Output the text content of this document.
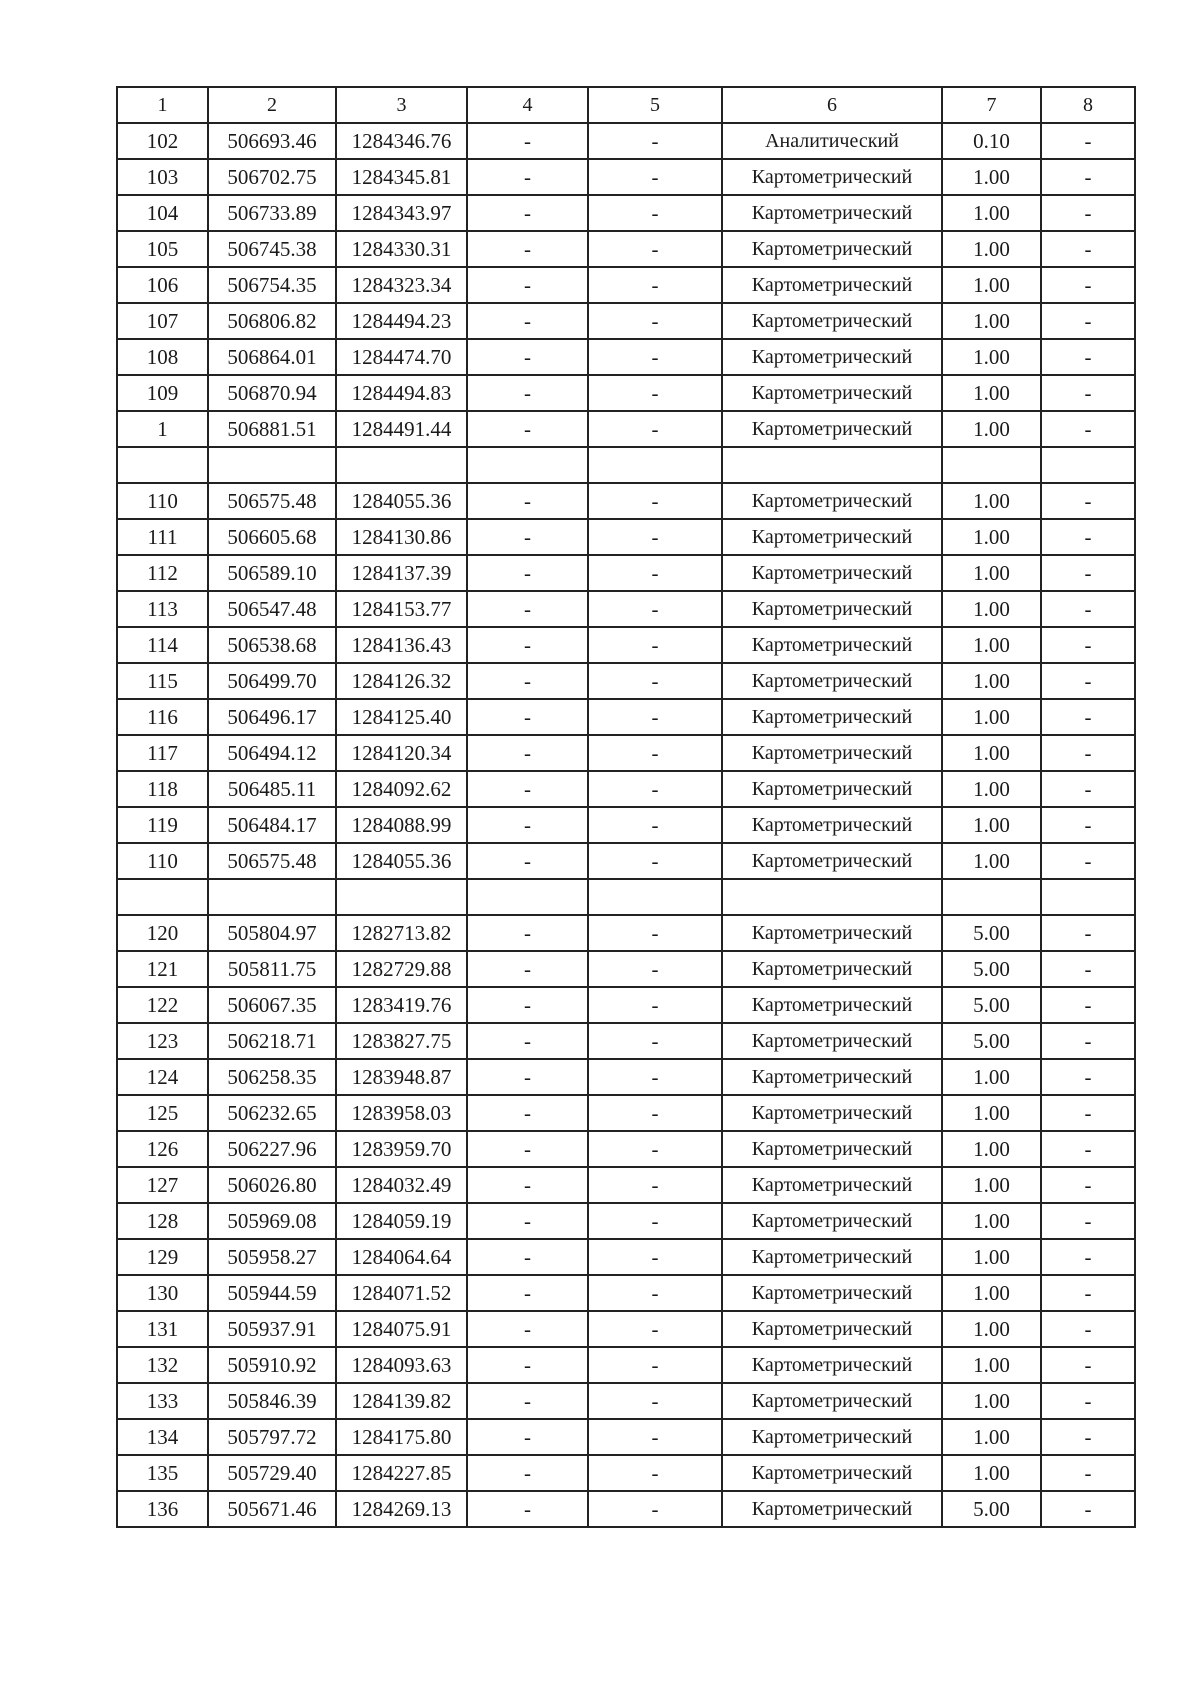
1	2	3	4	5	6	7	8
102	506693.46	1284346.76	-	-	Аналитический	0.10	-
103	506702.75	1284345.81	-	-	Картометрический	1.00	-
104	506733.89	1284343.97	-	-	Картометрический	1.00	-
105	506745.38	1284330.31	-	-	Картометрический	1.00	-
106	506754.35	1284323.34	-	-	Картометрический	1.00	-
107	506806.82	1284494.23	-	-	Картометрический	1.00	-
108	506864.01	1284474.70	-	-	Картометрический	1.00	-
109	506870.94	1284494.83	-	-	Картометрический	1.00	-
1	506881.51	1284491.44	-	-	Картометрический	1.00	-

110	506575.48	1284055.36	-	-	Картометрический	1.00	-
111	506605.68	1284130.86	-	-	Картометрический	1.00	-
112	506589.10	1284137.39	-	-	Картометрический	1.00	-
113	506547.48	1284153.77	-	-	Картометрический	1.00	-
114	506538.68	1284136.43	-	-	Картометрический	1.00	-
115	506499.70	1284126.32	-	-	Картометрический	1.00	-
116	506496.17	1284125.40	-	-	Картометрический	1.00	-
117	506494.12	1284120.34	-	-	Картометрический	1.00	-
118	506485.11	1284092.62	-	-	Картометрический	1.00	-
119	506484.17	1284088.99	-	-	Картометрический	1.00	-
110	506575.48	1284055.36	-	-	Картометрический	1.00	-

120	505804.97	1282713.82	-	-	Картометрический	5.00	-
121	505811.75	1282729.88	-	-	Картометрический	5.00	-
122	506067.35	1283419.76	-	-	Картометрический	5.00	-
123	506218.71	1283827.75	-	-	Картометрический	5.00	-
124	506258.35	1283948.87	-	-	Картометрический	1.00	-
125	506232.65	1283958.03	-	-	Картометрический	1.00	-
126	506227.96	1283959.70	-	-	Картометрический	1.00	-
127	506026.80	1284032.49	-	-	Картометрический	1.00	-
128	505969.08	1284059.19	-	-	Картометрический	1.00	-
129	505958.27	1284064.64	-	-	Картометрический	1.00	-
130	505944.59	1284071.52	-	-	Картометрический	1.00	-
131	505937.91	1284075.91	-	-	Картометрический	1.00	-
132	505910.92	1284093.63	-	-	Картометрический	1.00	-
133	505846.39	1284139.82	-	-	Картометрический	1.00	-
134	505797.72	1284175.80	-	-	Картометрический	1.00	-
135	505729.40	1284227.85	-	-	Картометрический	1.00	-
136	505671.46	1284269.13	-	-	Картометрический	5.00	-
